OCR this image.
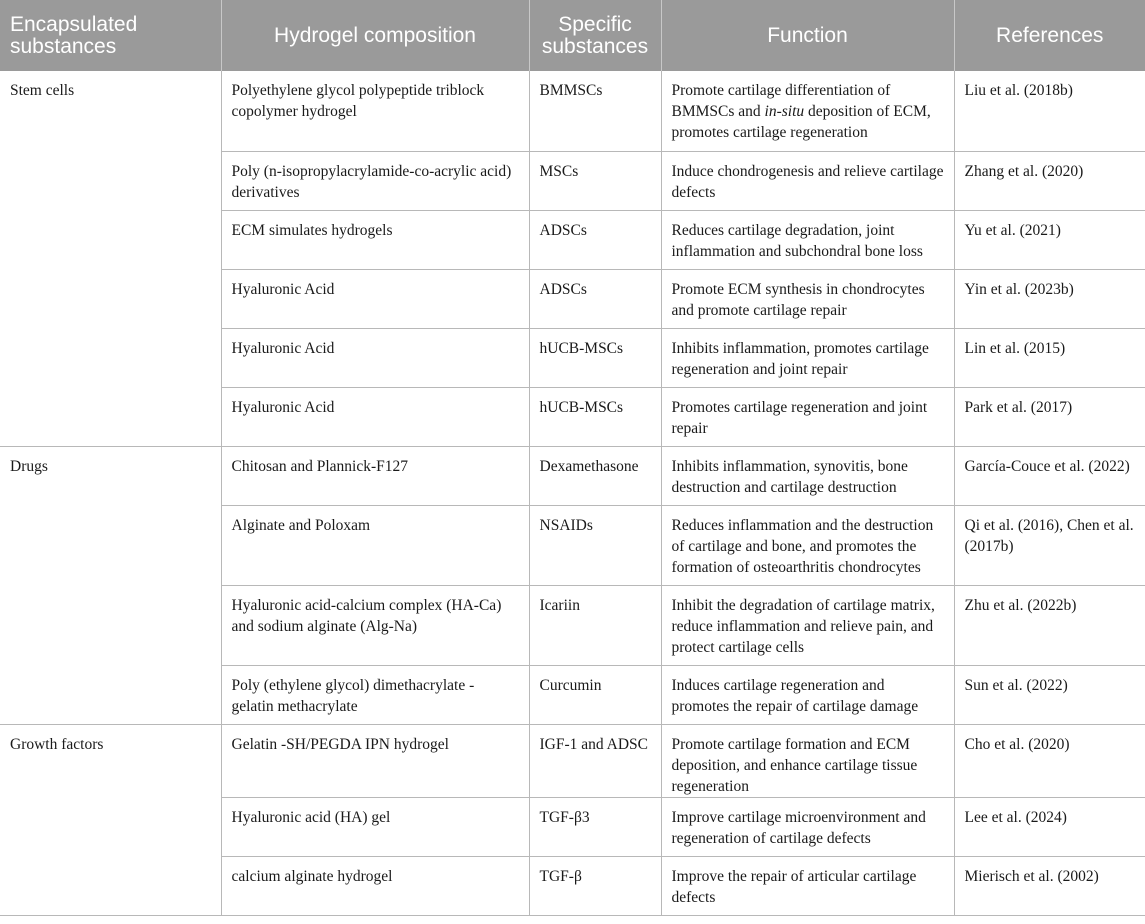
Encapsulated substances	Hydrogel composition	Specific substances	Function	References
Stem cells	Polyethylene glycol polypeptide triblock copolymer hydrogel	BMMSCs	Promote cartilage differentiation of BMMSCs and in-situ deposition of ECM, promotes cartilage regeneration	Liu et al. (2018b)
	Poly (n-isopropylacrylamide-co-acrylic acid) derivatives	MSCs	Induce chondrogenesis and relieve cartilage defects	Zhang et al. (2020)
	ECM simulates hydrogels	ADSCs	Reduces cartilage degradation, joint inflammation and subchondral bone loss	Yu et al. (2021)
	Hyaluronic Acid	ADSCs	Promote ECM synthesis in chondrocytes and promote cartilage repair	Yin et al. (2023b)
	Hyaluronic Acid	hUCB-MSCs	Inhibits inflammation, promotes cartilage regeneration and joint repair	Lin et al. (2015)
	Hyaluronic Acid	hUCB-MSCs	Promotes cartilage regeneration and joint repair	Park et al. (2017)
Drugs	Chitosan and Plannick-F127	Dexamethasone	Inhibits inflammation, synovitis, bone destruction and cartilage destruction	García-Couce et al. (2022)
	Alginate and Poloxam	NSAIDs	Reduces inflammation and the destruction of cartilage and bone, and promotes the formation of osteoarthritis chondrocytes	Qi et al. (2016), Chen et al. (2017b)
	Hyaluronic acid-calcium complex (HA-Ca) and sodium alginate (Alg-Na)	Icariin	Inhibit the degradation of cartilage matrix, reduce inflammation and relieve pain, and protect cartilage cells	Zhu et al. (2022b)
	Poly (ethylene glycol) dimethacrylate - gelatin methacrylate	Curcumin	Induces cartilage regeneration and promotes the repair of cartilage damage	Sun et al. (2022)
Growth factors	Gelatin -SH/PEGDA IPN hydrogel	IGF-1 and ADSC	Promote cartilage formation and ECM deposition, and enhance cartilage tissue regeneration	Cho et al. (2020)
	Hyaluronic acid (HA) gel	TGF-β3	Improve cartilage microenvironment and regeneration of cartilage defects	Lee et al. (2024)
	calcium alginate hydrogel	TGF-β	Improve the repair of articular cartilage defects	Mierisch et al. (2002)
